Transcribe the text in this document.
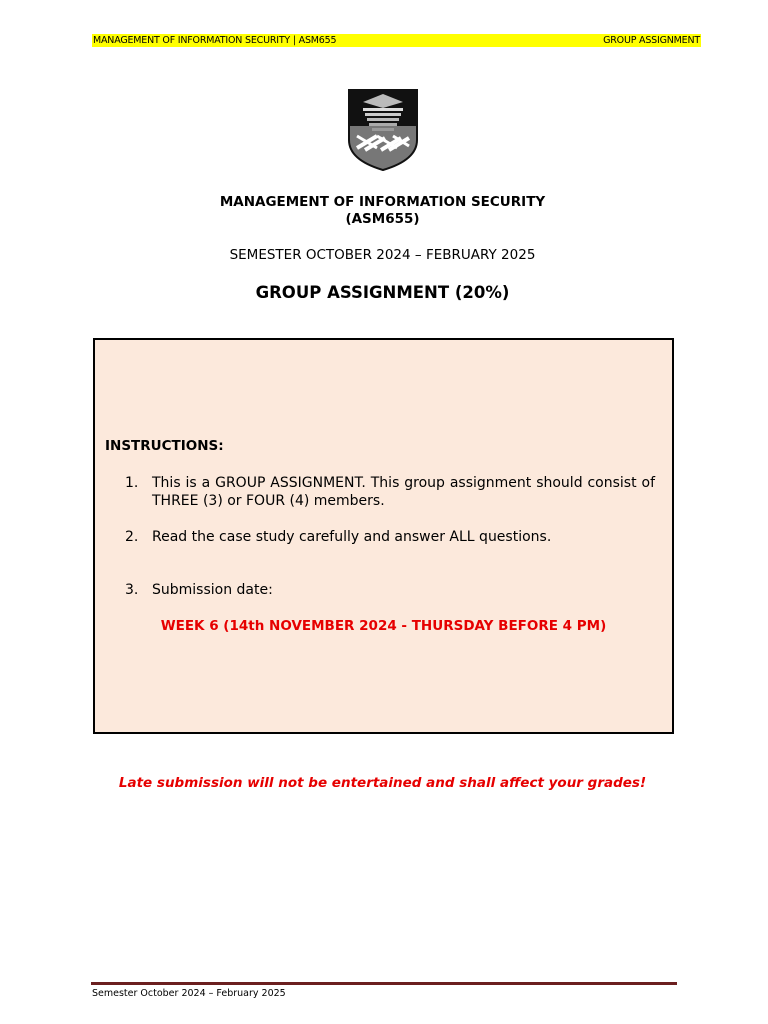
MANAGEMENT OF INFORMATION SECURITY | ASM655	GROUP ASSIGNMENT
MANAGEMENT OF INFORMATION SECURITY
(ASM655)
SEMESTER OCTOBER 2024 – FEBRUARY 2025
GROUP ASSIGNMENT (20%)
INSTRUCTIONS:
1. This is a GROUP ASSIGNMENT. This group assignment should consist of THREE (3) or FOUR (4) members.
2. Read the case study carefully and answer ALL questions.
3. Submission date:
WEEK 6 (14th NOVEMBER 2024 - THURSDAY BEFORE 4 PM)
Late submission will not be entertained and shall affect your grades!
Semester October 2024 – February 2025
